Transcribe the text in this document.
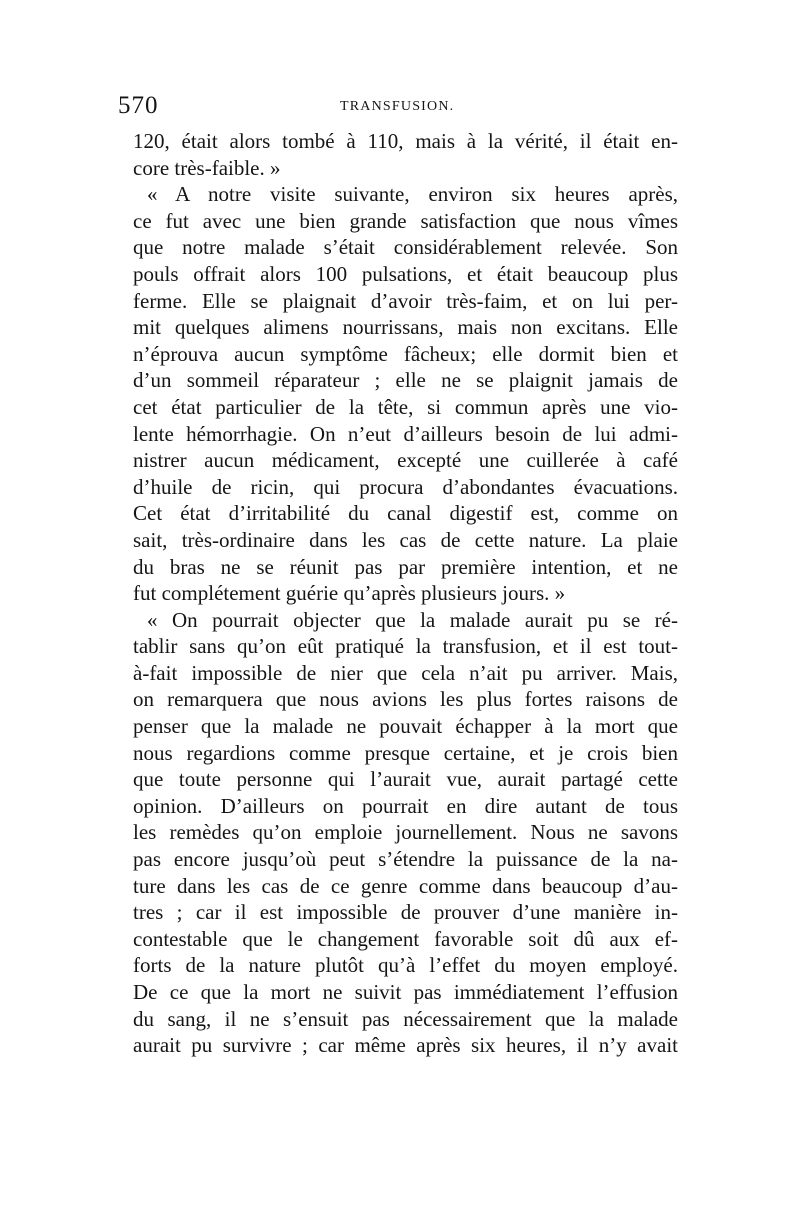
570	TRANSFUSION.
120, était alors tombé à 110, mais à la vérité, il était en-
core très-faible. »
« A notre visite suivante, environ six heures après,
ce fut avec une bien grande satisfaction que nous vîmes
que notre malade s’était considérablement relevée. Son
pouls offrait alors 100 pulsations, et était beaucoup plus
ferme. Elle se plaignait d’avoir très-faim, et on lui per-
mit quelques alimens nourrissans, mais non excitans. Elle
n’éprouva aucun symptôme fâcheux; elle dormit bien et
d’un sommeil réparateur ; elle ne se plaignit jamais de
cet état particulier de la tête, si commun après une vio-
lente hémorrhagie. On n’eut d’ailleurs besoin de lui admi-
nistrer aucun médicament, excepté une cuillerée à café
d’huile de ricin, qui procura d’abondantes évacuations.
Cet état d’irritabilité du canal digestif est, comme on
sait, très-ordinaire dans les cas de cette nature. La plaie
du bras ne se réunit pas par première intention, et ne
fut complétement guérie qu’après plusieurs jours. »
« On pourrait objecter que la malade aurait pu se ré-
tablir sans qu’on eût pratiqué la transfusion, et il est tout-
à-fait impossible de nier que cela n’ait pu arriver. Mais,
on remarquera que nous avions les plus fortes raisons de
penser que la malade ne pouvait échapper à la mort que
nous regardions comme presque certaine, et je crois bien
que toute personne qui l’aurait vue, aurait partagé cette
opinion. D’ailleurs on pourrait en dire autant de tous
les remèdes qu’on emploie journellement. Nous ne savons
pas encore jusqu’où peut s’étendre la puissance de la na-
ture dans les cas de ce genre comme dans beaucoup d’au-
tres ; car il est impossible de prouver d’une manière in-
contestable que le changement favorable soit dû aux ef-
forts de la nature plutôt qu’à l’effet du moyen employé.
De ce que la mort ne suivit pas immédiatement l’effusion
du sang, il ne s’ensuit pas nécessairement que la malade
aurait pu survivre ; car même après six heures, il n’y avait
